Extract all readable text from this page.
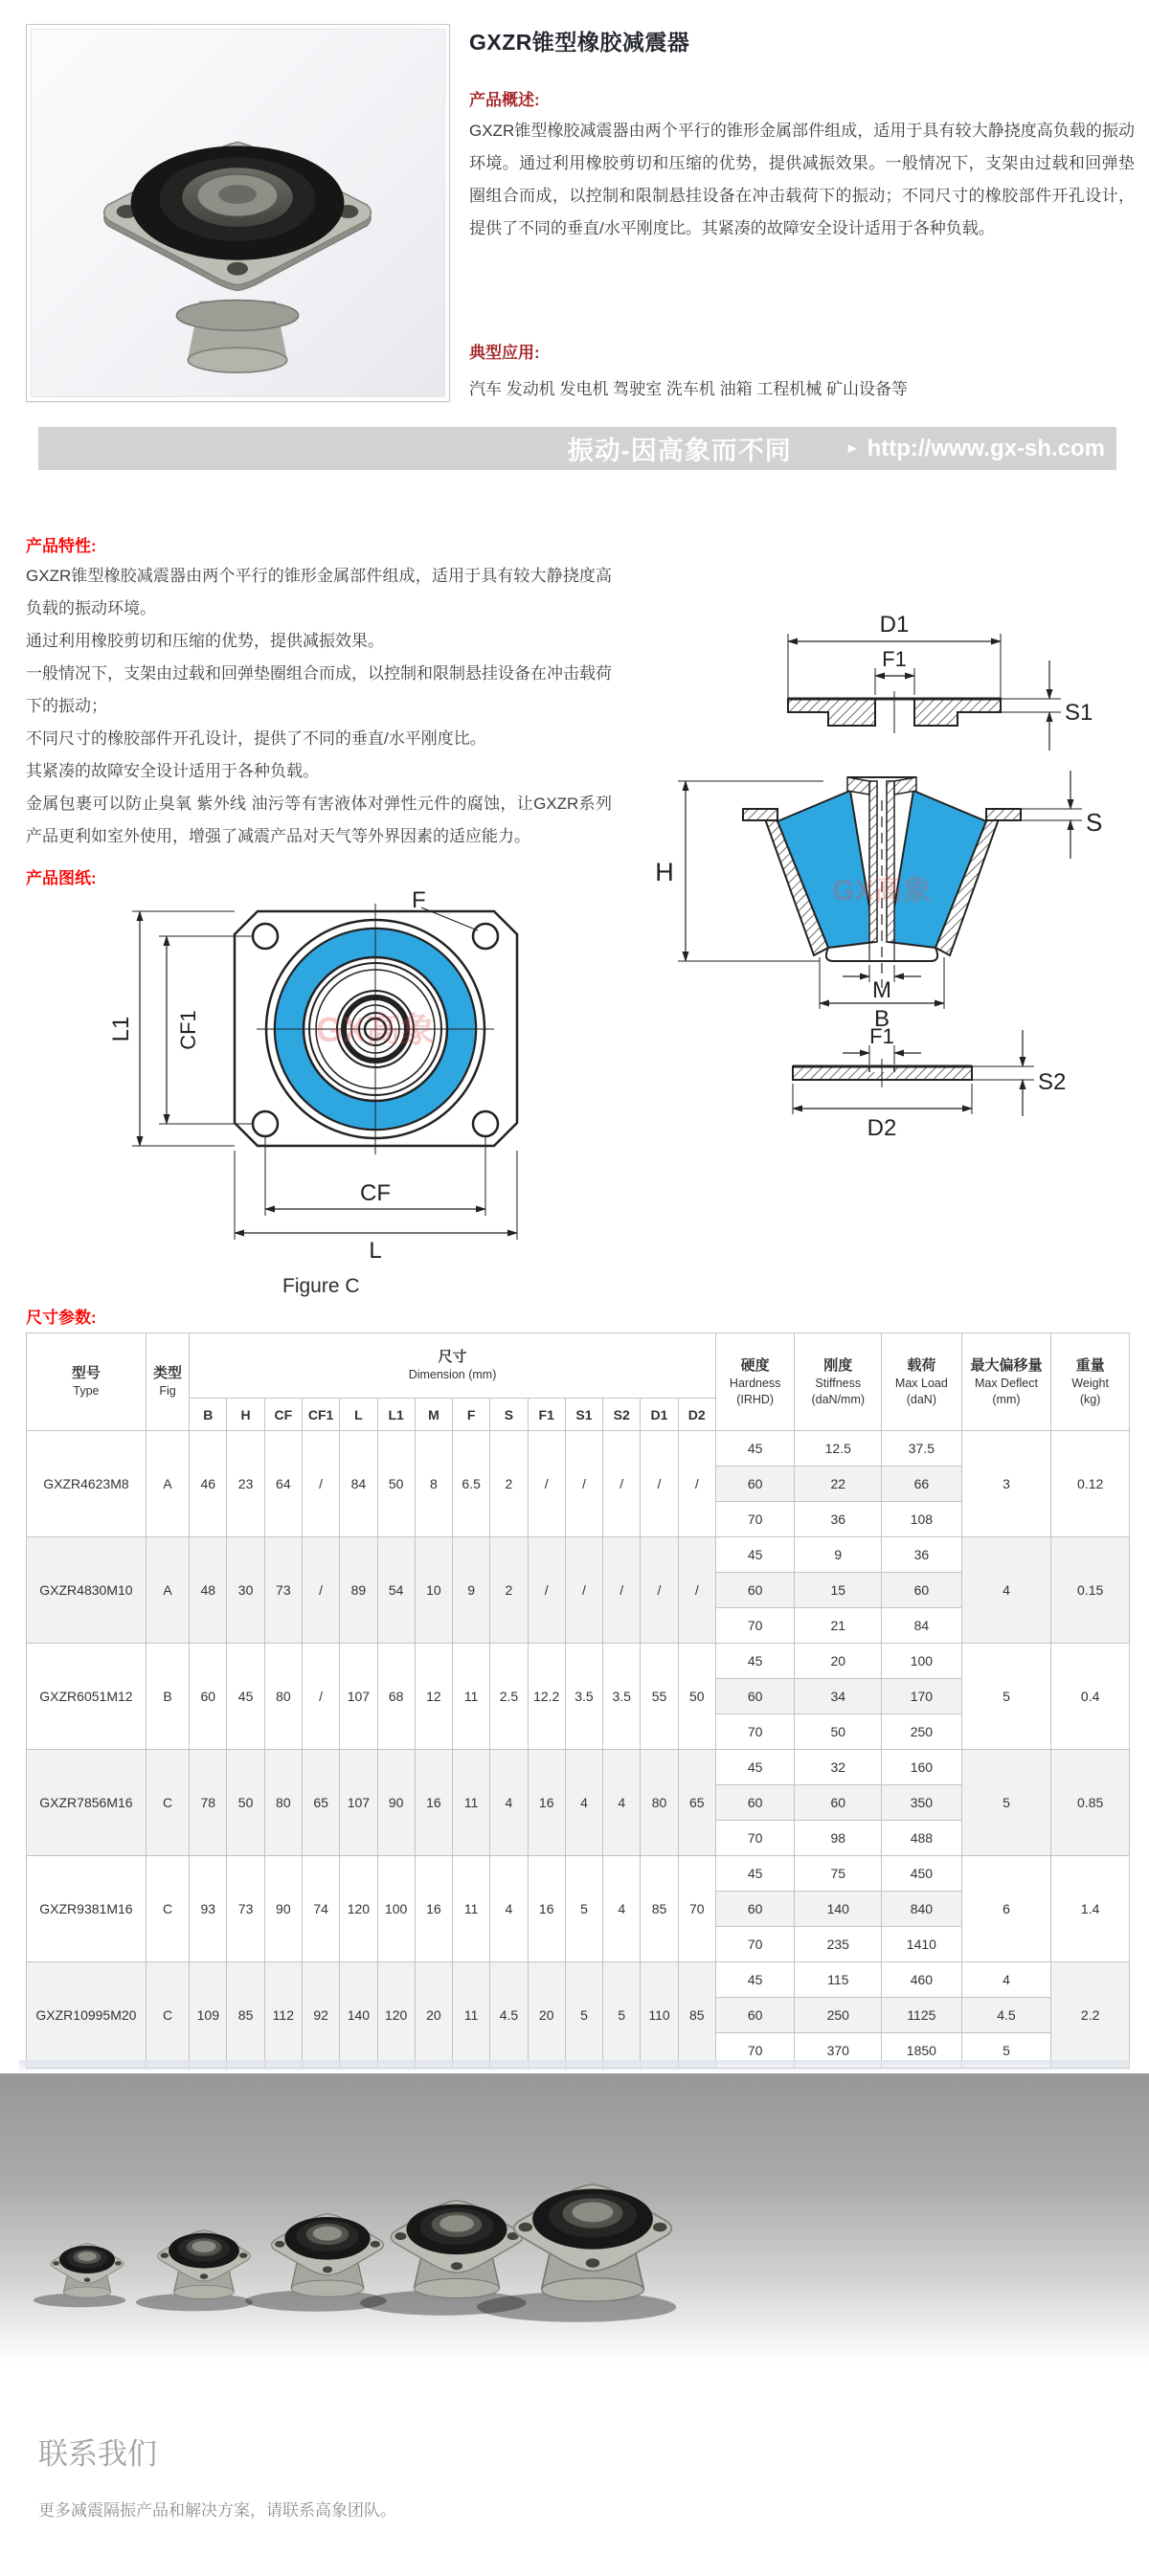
GXZR锥型橡胶减震器
产品概述:
GXZR锥型橡胶减震器由两个平行的锥形金属部件组成，适用于具有较大静挠度高负载的振动环境。通过利用橡胶剪切和压缩的优势，提供减振效果。一般情况下，支架由过载和回弹垫圈组合而成，以控制和限制悬挂设备在冲击载荷下的振动；不同尺寸的橡胶部件开孔设计，提供了不同的垂直/水平刚度比。其紧凑的故障安全设计适用于各种负载。
典型应用:
汽车 发动机 发电机 驾驶室 洗车机 油箱 工程机械 矿山设备等
振动-因高象而不同	► http://www.gx-sh.com
产品特性:
GXZR锥型橡胶减震器由两个平行的锥形金属部件组成，适用于具有较大静挠度高负载的振动环境。
通过利用橡胶剪切和压缩的优势，提供减振效果。
一般情况下，支架由过载和回弹垫圈组合而成，以控制和限制悬挂设备在冲击载荷下的振动；
不同尺寸的橡胶部件开孔设计，提供了不同的垂直/水平刚度比。
其紧凑的故障安全设计适用于各种负载。
金属包裹可以防止臭氧 紫外线 油污等有害液体对弹性元件的腐蚀，让GXZR系列产品更利如室外使用，增强了减震产品对天气等外界因素的适应能力。
产品图纸:
F
L1 CF1
CF
L
GX高象
Figure C
D1
F1
S1
H
S
M
B
F1
S2
D2
GX高象
尺寸参数:
型号
Type

类型
Fig

尺寸
Dimension (mm)

硬度
Hardness
(IRHD)

刚度
Stiffness
(daN/mm)

载荷
Max Load
(daN)

最大偏移量
Max Deflect
(mm)

重量
Weight
(kg)

		B	H	CF	CF1	L	L1	M	F	S	F1	S1	S2	D1	D2					
GXZR4623M8	A	46	23	64	/	84	50	8	6.5	2	/	/	/	/	/	45	12.5	37.5	3	0.12
																60	22	66		
																70	36	108		
GXZR4830M10	A	48	30	73	/	89	54	10	9	2	/	/	/	/	/	45	9	36	4	0.15
																60	15	60		
																70	21	84		
GXZR6051M12	B	60	45	80	/	107	68	12	11	2.5	12.2	3.5	3.5	55	50	45	20	100	5	0.4
																60	34	170		
																70	50	250		
GXZR7856M16	C	78	50	80	65	107	90	16	11	4	16	4	4	80	65	45	32	160	5	0.85
																60	60	350		
																70	98	488		
GXZR9381M16	C	93	73	90	74	120	100	16	11	4	16	5	4	85	70	45	75	450	6	1.4
																60	140	840		
																70	235	1410		
GXZR10995M20	C	109	85	112	92	140	120	20	11	4.5	20	5	5	110	85	45	115	460	4	2.2
																60	250	1125	4.5	
																70	370	1850	5	
联系我们
更多减震隔振产品和解决方案，请联系高象团队。
